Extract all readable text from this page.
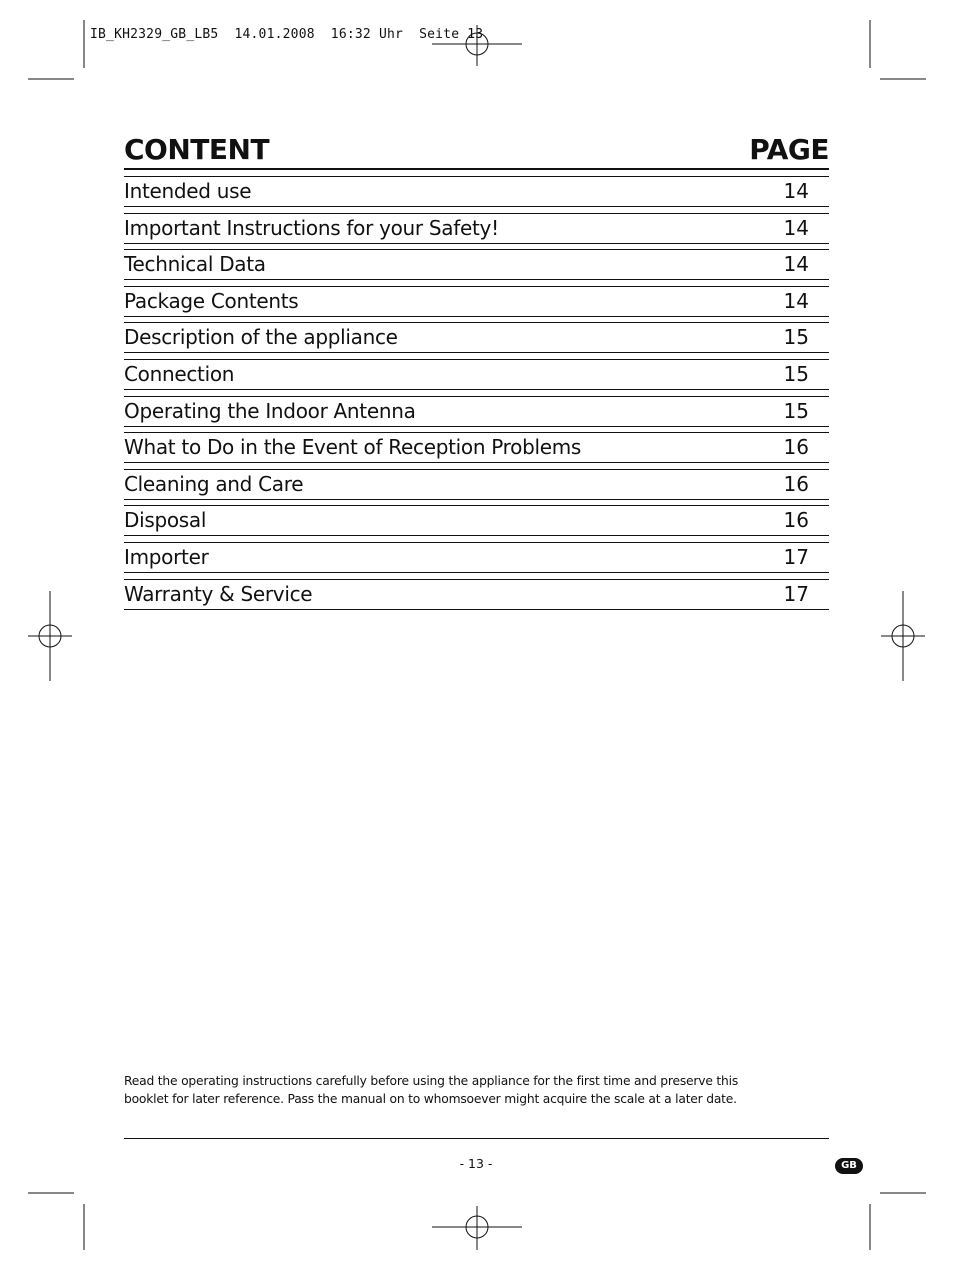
IB_KH2329_GB_LB5  14.01.2008  16:32 Uhr  Seite 13
CONTENT	PAGE
Intended use	14
Important Instructions for your Safety!	14
Technical Data	14
Package Contents	14
Description of the appliance	15
Connection	15
Operating the Indoor Antenna	15
What to Do in the Event of Reception Problems	16
Cleaning and Care	16
Disposal	16
Importer	17
Warranty & Service	17
Read the operating instructions carefully before using the appliance for the first time and preserve this
booklet for later reference. Pass the manual on to whomsoever might acquire the scale at a later date.
- 13 -	GB
